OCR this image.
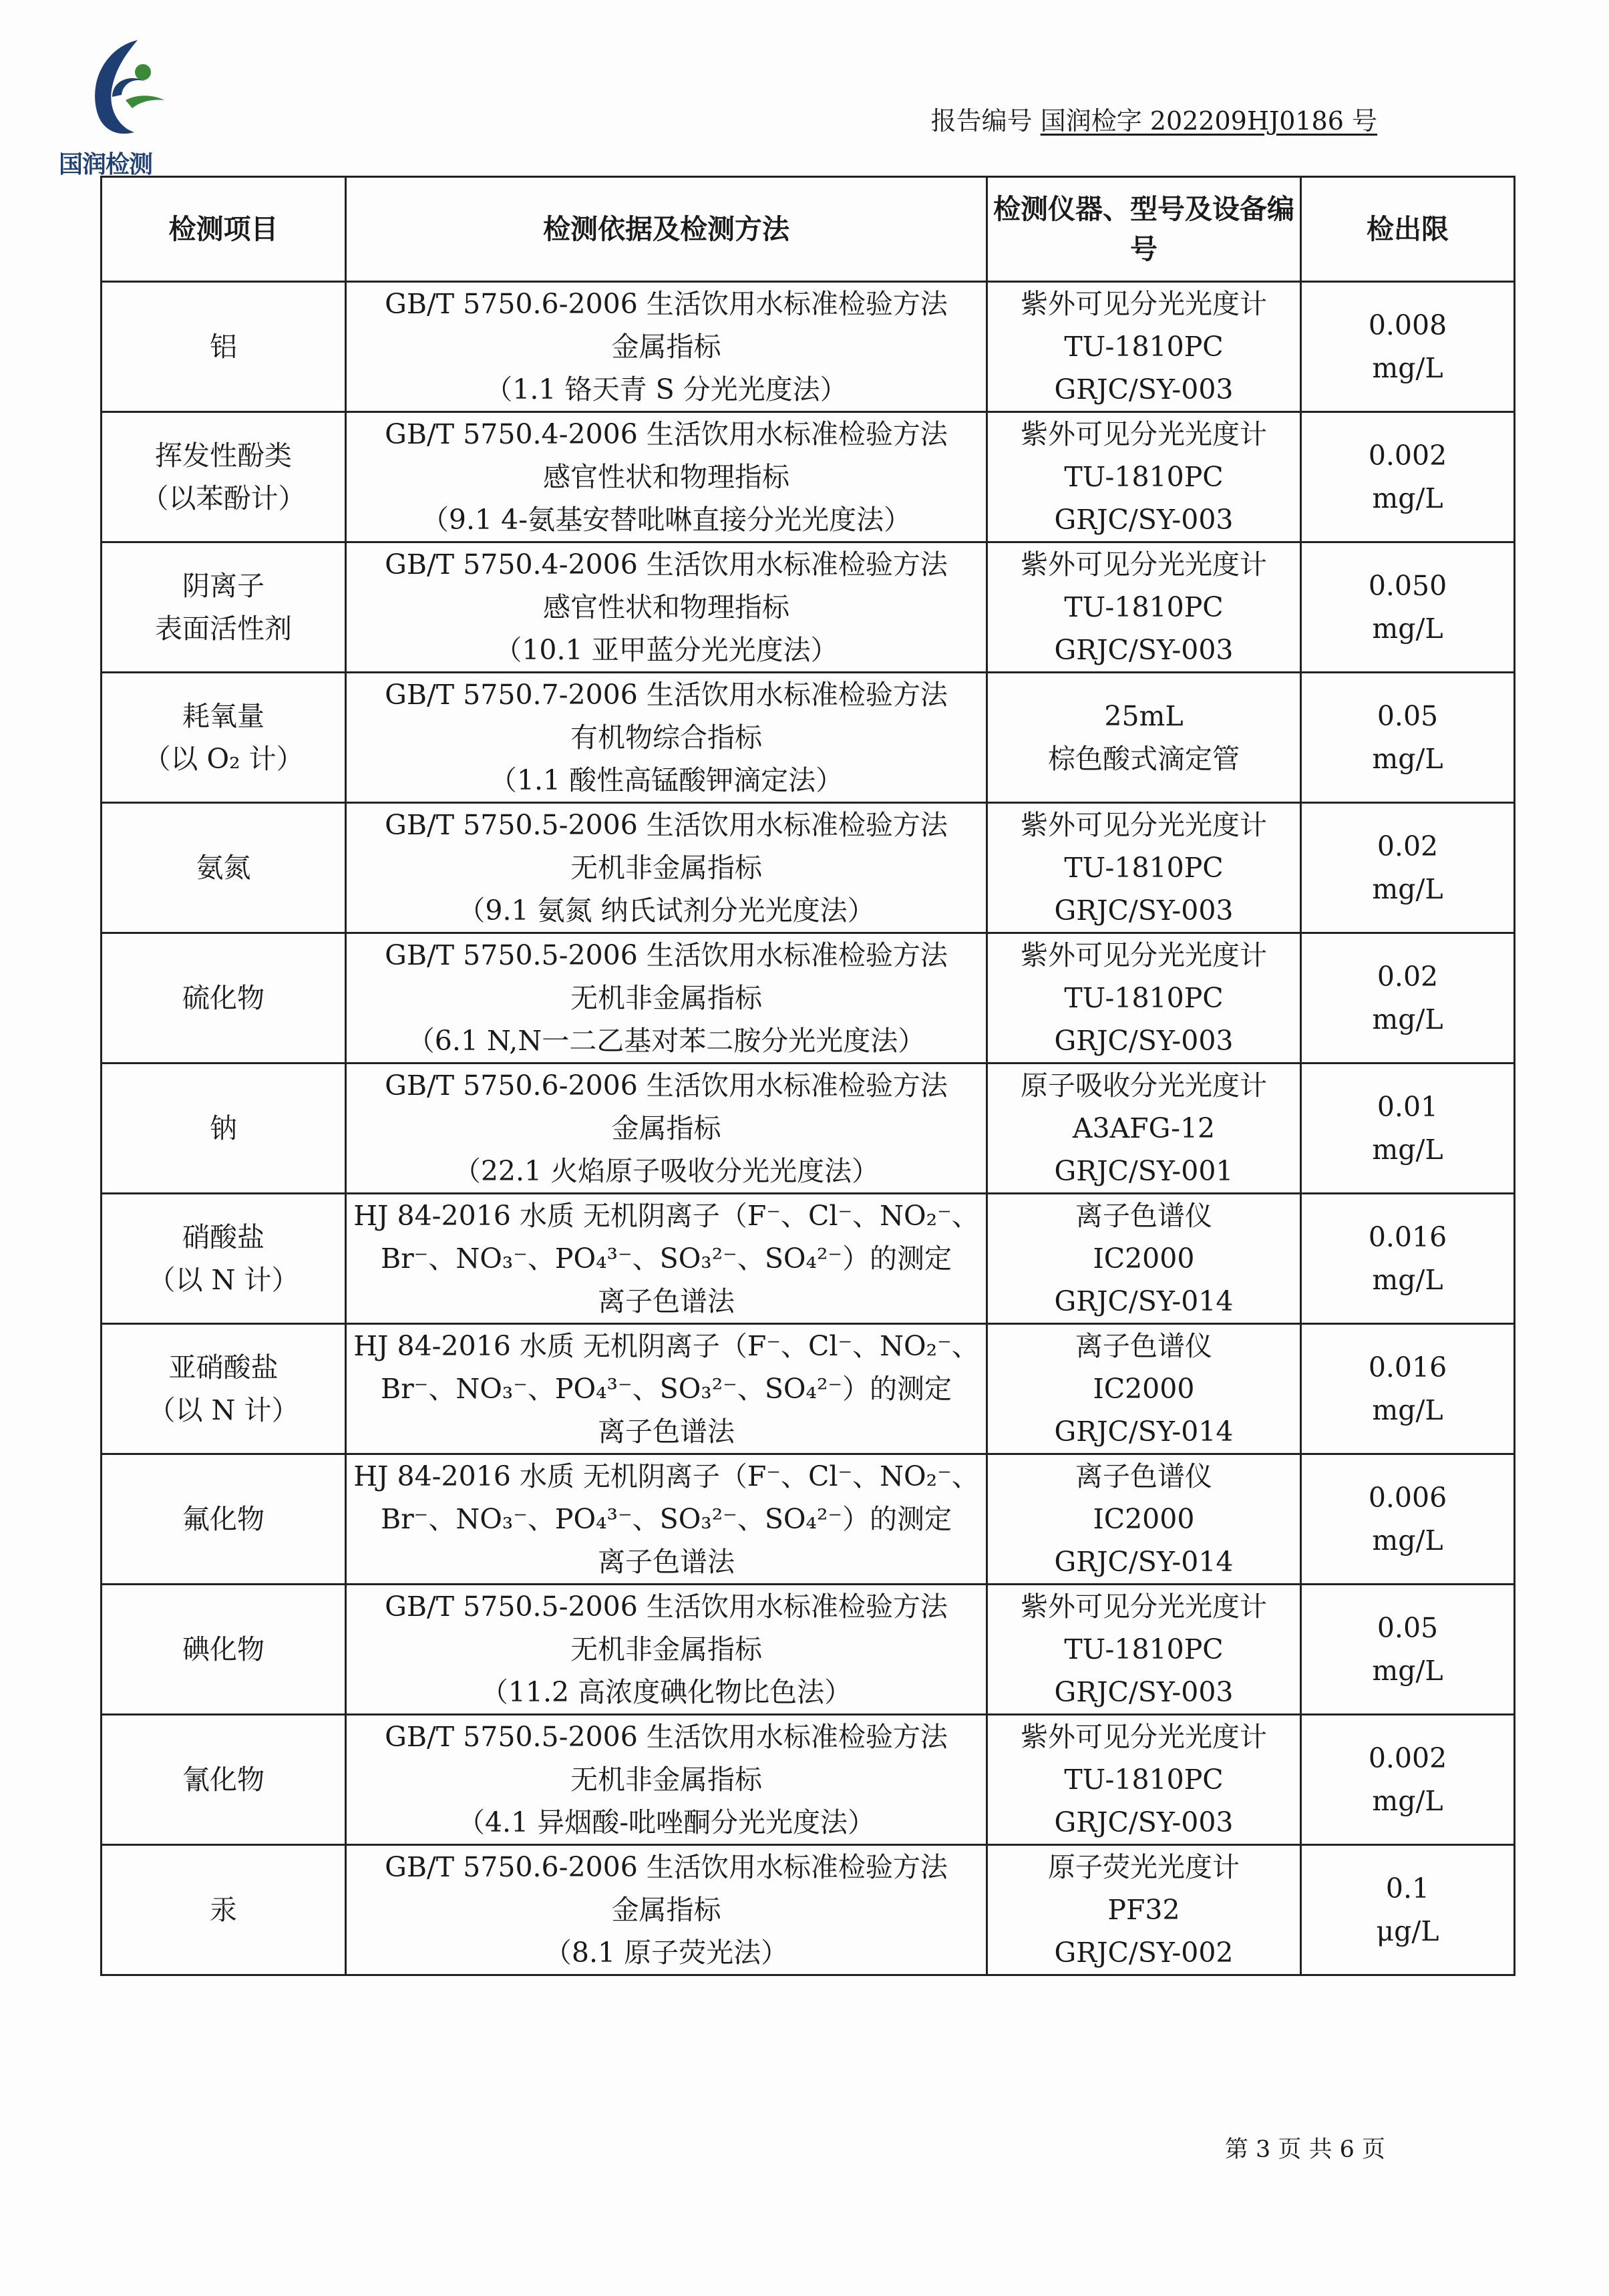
国润检测
报告编号 国润检字 202209HJ0186 号
检测项目	检测依据及检测方法	检测仪器、型号及设备编号	检出限

铝	GB/T 5750.6-2006 生活饮用水标准检验方法
金属指标
（1.1 铬天青 S 分光光度法）	紫外可见分光光度计
TU-1810PC
GRJC/SY-003	0.008
mg/L

挥发性酚类
（以苯酚计）	GB/T 5750.4-2006 生活饮用水标准检验方法
感官性状和物理指标
（9.1 4-氨基安替吡啉直接分光光度法）	紫外可见分光光度计
TU-1810PC
GRJC/SY-003	0.002
mg/L

阴离子
表面活性剂	GB/T 5750.4-2006 生活饮用水标准检验方法
感官性状和物理指标
（10.1 亚甲蓝分光光度法）	紫外可见分光光度计
TU-1810PC
GRJC/SY-003	0.050
mg/L

耗氧量
（以 O₂ 计）	GB/T 5750.7-2006 生活饮用水标准检验方法
有机物综合指标
（1.1 酸性高锰酸钾滴定法）	25mL
棕色酸式滴定管	0.05
mg/L

氨氮	GB/T 5750.5-2006 生活饮用水标准检验方法
无机非金属指标
（9.1 氨氮 纳氏试剂分光光度法）	紫外可见分光光度计
TU-1810PC
GRJC/SY-003	0.02
mg/L

硫化物	GB/T 5750.5-2006 生活饮用水标准检验方法
无机非金属指标
（6.1 N,N一二乙基对苯二胺分光光度法）	紫外可见分光光度计
TU-1810PC
GRJC/SY-003	0.02
mg/L

钠	GB/T 5750.6-2006 生活饮用水标准检验方法
金属指标
（22.1 火焰原子吸收分光光度法）	原子吸收分光光度计
A3AFG-12
GRJC/SY-001	0.01
mg/L

硝酸盐
（以 N 计）	HJ 84-2016 水质 无机阴离子（F⁻、Cl⁻、NO₂⁻、
Br⁻、NO₃⁻、PO₄³⁻、SO₃²⁻、SO₄²⁻）的测定
离子色谱法	离子色谱仪
IC2000
GRJC/SY-014	0.016
mg/L

亚硝酸盐
（以 N 计）	HJ 84-2016 水质 无机阴离子（F⁻、Cl⁻、NO₂⁻、
Br⁻、NO₃⁻、PO₄³⁻、SO₃²⁻、SO₄²⁻）的测定
离子色谱法	离子色谱仪
IC2000
GRJC/SY-014	0.016
mg/L

氟化物	HJ 84-2016 水质 无机阴离子（F⁻、Cl⁻、NO₂⁻、
Br⁻、NO₃⁻、PO₄³⁻、SO₃²⁻、SO₄²⁻）的测定
离子色谱法	离子色谱仪
IC2000
GRJC/SY-014	0.006
mg/L

碘化物	GB/T 5750.5-2006 生活饮用水标准检验方法
无机非金属指标
（11.2 高浓度碘化物比色法）	紫外可见分光光度计
TU-1810PC
GRJC/SY-003	0.05
mg/L

氰化物	GB/T 5750.5-2006 生活饮用水标准检验方法
无机非金属指标
（4.1 异烟酸-吡唑酮分光光度法）	紫外可见分光光度计
TU-1810PC
GRJC/SY-003	0.002
mg/L

汞	GB/T 5750.6-2006 生活饮用水标准检验方法
金属指标
（8.1 原子荧光法）	原子荧光光度计
PF32
GRJC/SY-002	0.1
μg/L
第 3 页 共 6 页
